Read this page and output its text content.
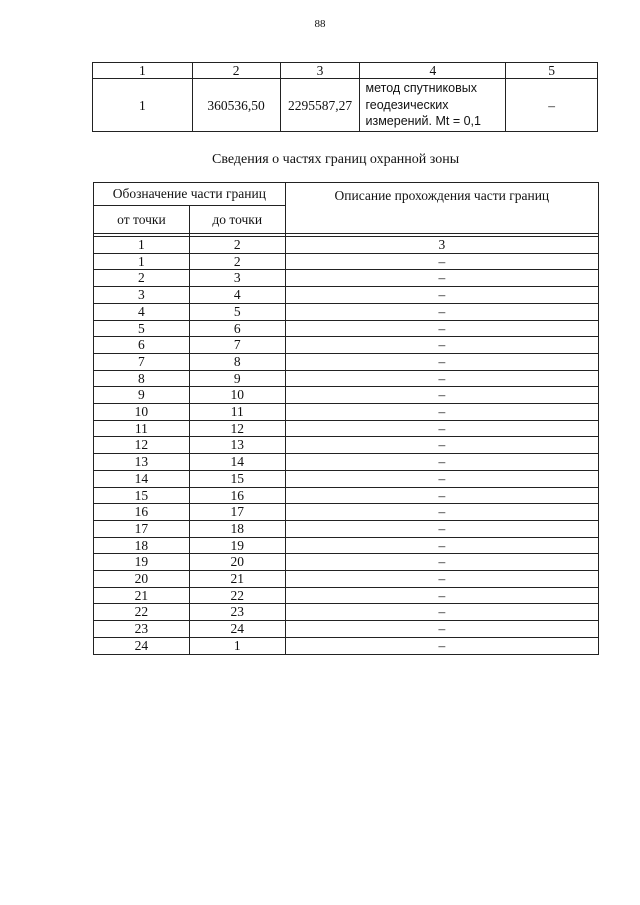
88
1	2	3	4	5
1	360536,50	2295587,27	метод спутниковых
геодезических
измерений. Mt = 0,1	–
Сведения о частях границ охранной зоны
Обозначение части границ		Описание прохождения части границ
от точки	до точки	

1	2	3
1	2	–
2	3	–
3	4	–
4	5	–
5	6	–
6	7	–
7	8	–
8	9	–
9	10	–
10	11	–
11	12	–
12	13	–
13	14	–
14	15	–
15	16	–
16	17	–
17	18	–
18	19	–
19	20	–
20	21	–
21	22	–
22	23	–
23	24	–
24	1	–
